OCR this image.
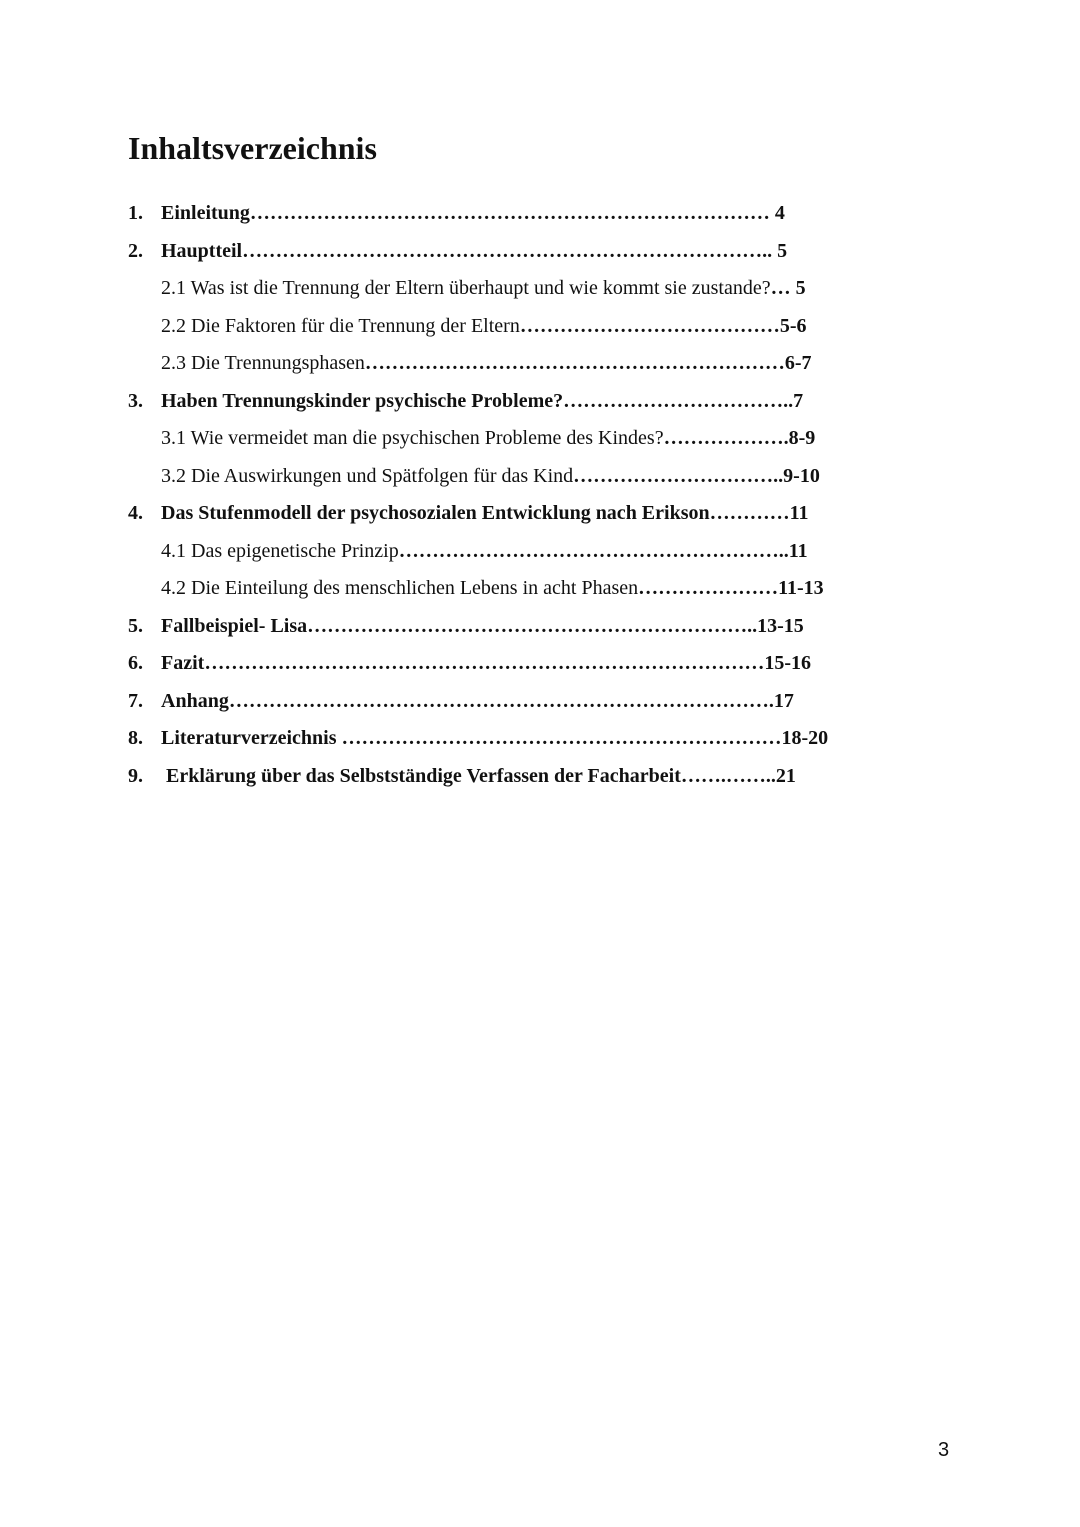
Inhaltsverzeichnis
1. Einleitung…………………………………………………………………… 4
2. Hauptteil…………………………………………………………………….. 5
2.1 Was ist die Trennung der Eltern überhaupt und wie kommt sie zustande?… 5
2.2 Die Faktoren für die Trennung der Eltern…………………………………5-6
2.3 Die Trennungsphasen………………………………………………………6-7
3. Haben Trennungskinder psychische Probleme?……………………………..7
3.1 Wie vermeidet man die psychischen Probleme des Kindes?……………….8-9
3.2 Die Auswirkungen und Spätfolgen für das Kind…………………………..9-10
4. Das Stufenmodell der psychosozialen Entwicklung nach Erikson…………11
4.1 Das epigenetische Prinzip…………………………………………………..11
4.2 Die Einteilung des menschlichen Lebens in acht Phasen…………………11-13
5. Fallbeispiel- Lisa…………………………………………………………..13-15
6. Fazit…………………………………………………………………………15-16
7. Anhang……………………………………………………………………….17
8. Literaturverzeichnis …………………………………………………………18-20
9. Erklärung über das Selbstständige Verfassen der Facharbeit…….……..21
3
